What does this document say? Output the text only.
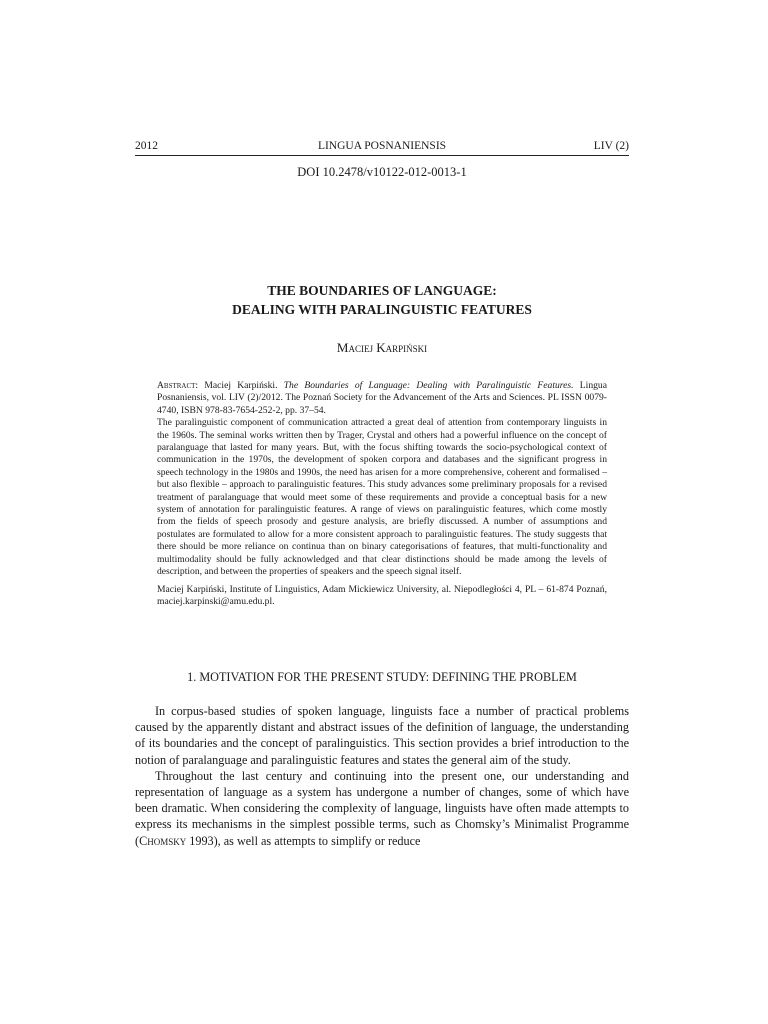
LINGUA POSNANIENSIS
2012	LIV (2)
DOI 10.2478/v10122-012-0013-1
THE BOUNDARIES OF LANGUAGE:
DEALING WITH PARALINGUISTIC FEATURES
Maciej Karpiński

Abstract: Maciej Karpiński. The Boundaries of Language: Dealing with Paralinguistic Features. Lingua Posnaniensis, vol. LIV (2)/2012. The Poznań Society for the Advancement of the Arts and Sciences. PL ISSN 0079-4740, ISBN 978-83-7654-252-2, pp. 37–54.

The paralinguistic component of communication attracted a great deal of attention from contemporary linguists in the 1960s. The seminal works written then by Trager, Crystal and others had a powerful influence on the concept of paralanguage that lasted for many years. But, with the focus shifting towards the socio-psychological context of communication in the 1970s, the development of spoken corpora and databases and the significant progress in speech technology in the 1980s and 1990s, the need has arisen for a more comprehensive, coherent and formalised – but also flexible – approach to paralinguistic features. This study advances some preliminary proposals for a revised treatment of paralanguage that would meet some of these requirements and provide a conceptual basis for a new system of annotation for paralinguistic features. A range of views on paralinguistic features, which come mostly from the fields of speech prosody and gesture analysis, are briefly discussed. A number of assumptions and postulates are formulated to allow for a more consistent approach to paralinguistic features. The study suggests that there should be more reliance on continua than on binary categorisations of features, that multi-functionality and multimodality should be fully acknowledged and that clear distinctions should be made among the levels of description, and between the properties of speakers and the speech signal itself.

Maciej Karpiński, Institute of Linguistics, Adam Mickiewicz University, al. Niepodległości 4, PL – 61-874 Poznań, maciej.karpinski@amu.edu.pl.

1. MOTIVATION FOR THE PRESENT STUDY: DEFINING THE PROBLEM

In corpus-based studies of spoken language, linguists face a number of practical problems caused by the apparently distant and abstract issues of the definition of language, the understanding of its boundaries and the concept of paralinguistics. This section provides a brief introduction to the notion of paralanguage and paralinguistic features and states the general aim of the study.

Throughout the last century and continuing into the present one, our understanding and representation of language as a system has undergone a number of changes, some of which have been dramatic. When considering the complexity of language, linguists have often made attempts to express its mechanisms in the simplest possible terms, such as Chomsky’s Minimalist Programme (Chomsky 1993), as well as attempts to simplify or reduce
